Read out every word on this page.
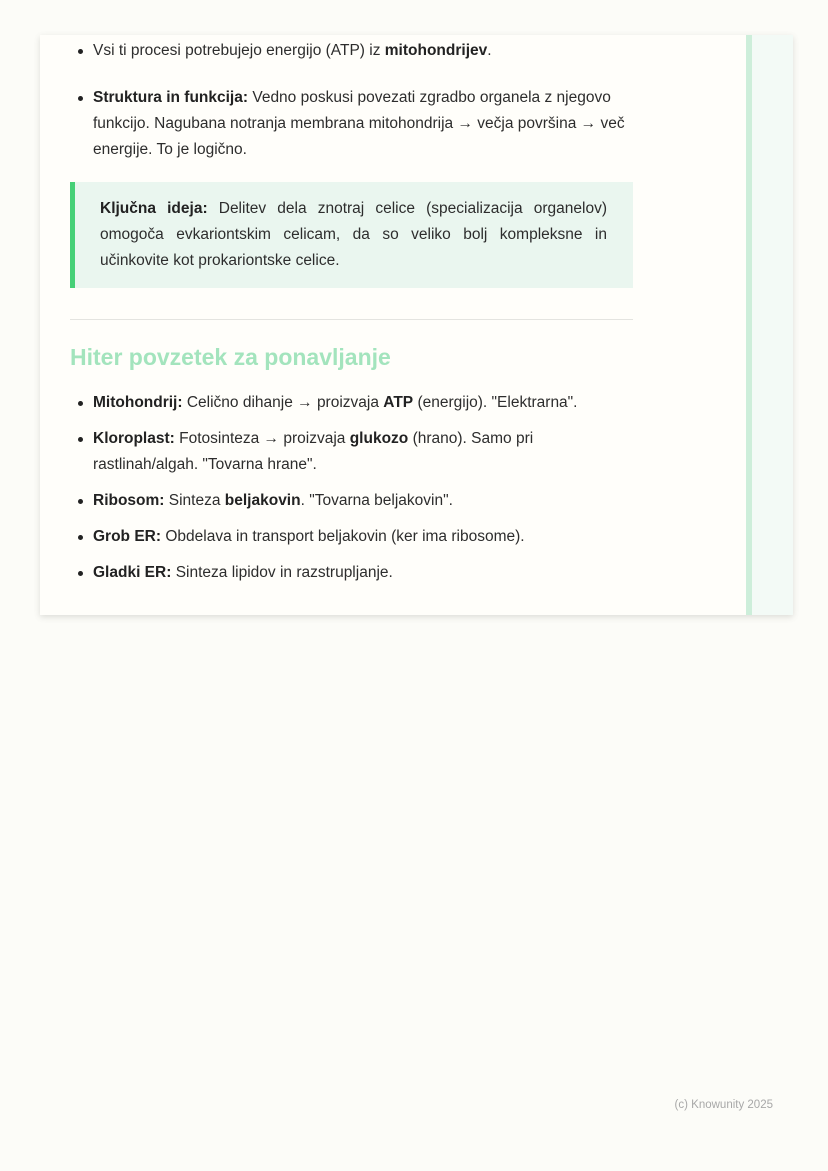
Vsi ti procesi potrebujejo energijo (ATP) iz mitohondrijev.
Struktura in funkcija: Vedno poskusi povezati zgradbo organela z njegovo funkcijo. Nagubana notranja membrana mitohondrija → večja površina → več energije. To je logično.

Ključna ideja: Delitev dela znotraj celice (specializacija organelov) omogoča evkariontskim celicam, da so veliko bolj kompleksne in učinkovite kot prokariontske celice.

Hiter povzetek za ponavljanje
Mitohondrij: Celično dihanje → proizvaja ATP (energijo). "Elektrarna".
Kloroplast: Fotosinteza → proizvaja glukozo (hrano). Samo pri rastlinah/algah. "Tovarna hrane".
Ribosom: Sinteza beljakovin. "Tovarna beljakovin".
Grob ER: Obdelava in transport beljakovin (ker ima ribosome).
Gladki ER: Sinteza lipidov in razstrupljanje.
(c) Knowunity 2025
